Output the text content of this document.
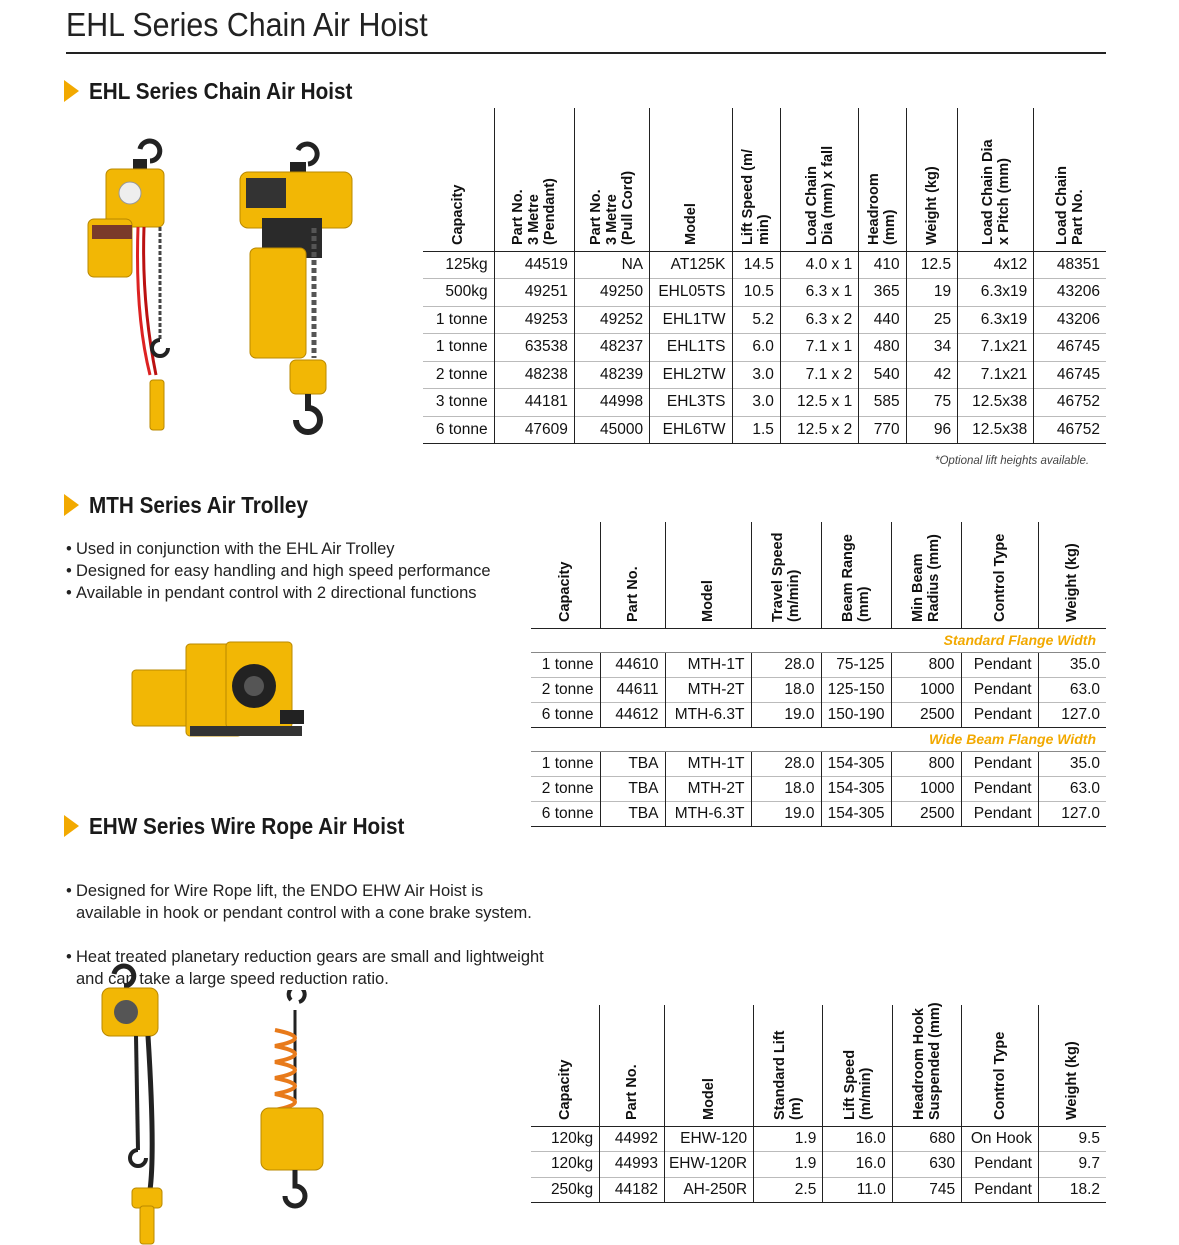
EHL Series Chain Air Hoist
EHL Series Chain Air Hoist
Capacity	Part No.
3 Metre
(Pendant)	Part No.
3 Metre
(Pull Cord)	Model	Lift Speed (m/
min)	Load Chain
Dia (mm) x fall	Headroom
(mm)	Weight (kg)	Load Chain Dia
x Pitch (mm)	Load Chain
Part No.

125kg	44519	NA	AT125K	14.5	4.0 x 1	410	12.5	4x12	48351
500kg	49251	49250	EHL05TS	10.5	6.3 x 1	365	19	6.3x19	43206
1 tonne	49253	49252	EHL1TW	5.2	6.3 x 2	440	25	6.3x19	43206
1 tonne	63538	48237	EHL1TS	6.0	7.1 x 1	480	34	7.1x21	46745
2 tonne	48238	48239	EHL2TW	3.0	7.1 x 2	540	42	7.1x21	46745
3 tonne	44181	44998	EHL3TS	3.0	12.5 x 1	585	75	12.5x38	46752
6 tonne	47609	45000	EHL6TW	1.5	12.5 x 2	770	96	12.5x38	46752
*Optional lift heights available.
MTH Series Air Trolley
• Used in conjunction with the EHL Air Trolley
• Designed for easy handling and high speed performance
• Available in pendant control with 2 directional functions	Capacity	Part No.	Model	Travel Speed
(m/min)	Beam Range
(mm)	Min Beam
Radius (mm)	Control Type	Weight (kg)

Standard Flange Width							
1 tonne	44610	MTH-1T	28.0	75-125	800	Pendant	35.0
2 tonne	44611	MTH-2T	18.0	125-150	1000	Pendant	63.0
6 tonne	44612	MTH-6.3T	19.0	150-190	2500	Pendant	127.0
Wide Beam Flange Width							
1 tonne	TBA	MTH-1T	28.0	154-305	800	Pendant	35.0
2 tonne	TBA	MTH-2T	18.0	154-305	1000	Pendant	63.0
6 tonne	TBA	MTH-6.3T	19.0	154-305	2500	Pendant	127.0
EHW Series Wire Rope Air Hoist

• Designed for Wire Rope lift, the ENDO EHW Air Hoist is
available in hook or pendant control with a cone brake system.

• Heat treated planetary reduction gears are small and lightweight
and can take a large speed reduction ratio.

Capacity	Part No.	Model	Standard Lift
(m)	Lift Speed
(m/min)	Headroom Hook
Suspended (mm)	Control Type	Weight (kg)

120kg	44992	EHW-120	1.9	16.0	680	On Hook	9.5
120kg	44993	EHW-120R	1.9	16.0	630	Pendant	9.7
250kg	44182	AH-250R	2.5	11.0	745	Pendant	18.2
